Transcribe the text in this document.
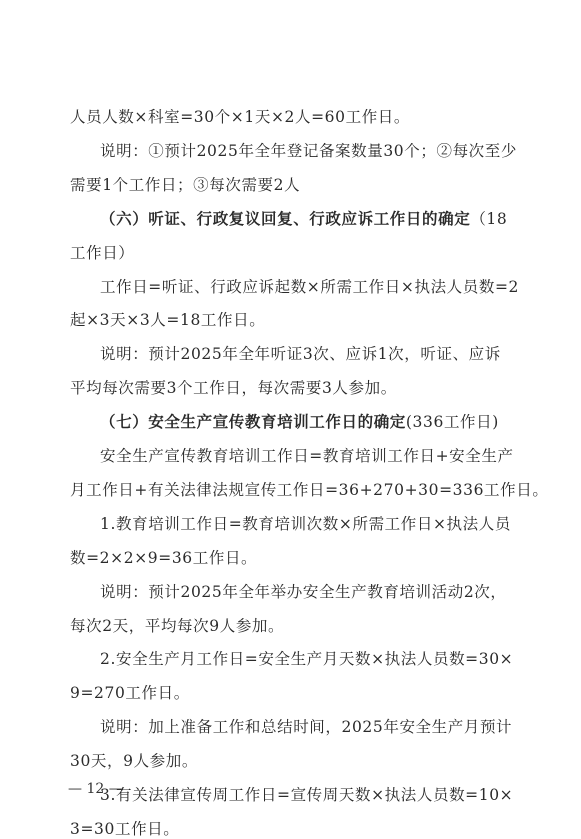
人员人数×科室=30个×1天×2人=60工作日。
说明：①预计2025年全年登记备案数量30个；②每次至少
需要1个工作日；③每次需要2人
（六）听证、行政复议回复、行政应诉工作日的确定（18
工作日）
工作日=听证、行政应诉起数×所需工作日×执法人员数=2
起×3天×3人=18工作日。
说明：预计2025年全年听证3次、应诉1次，听证、应诉
平均每次需要3个工作日，每次需要3人参加。
（七）安全生产宣传教育培训工作日的确定(336工作日)
安全生产宣传教育培训工作日=教育培训工作日+安全生产
月工作日+有关法律法规宣传工作日=36+270+30=336工作日。
1.教育培训工作日=教育培训次数×所需工作日×执法人员
数=2×2×9=36工作日。
说明：预计2025年全年举办安全生产教育培训活动2次，
每次2天，平均每次9人参加。
2.安全生产月工作日=安全生产月天数×执法人员数=30×
9=270工作日。
说明：加上准备工作和总结时间，2025年安全生产月预计
30天，9人参加。
3.有关法律宣传周工作日=宣传周天数×执法人员数=10×
3=30工作日。
— 12 —
